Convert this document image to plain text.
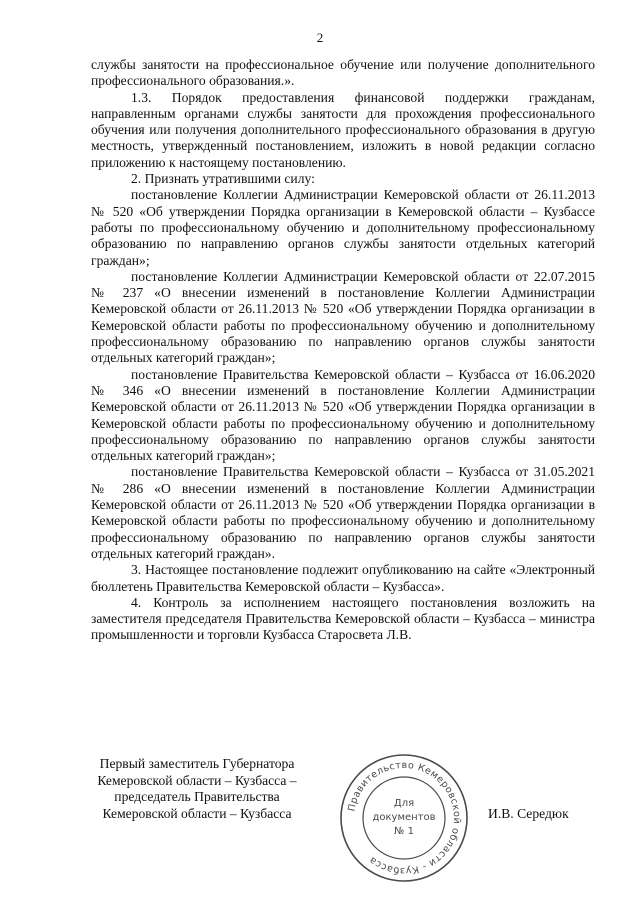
2

службы занятости на профессиональное обучение или получение дополнительного профессионального образования.».

1.3. Порядок предоставления финансовой поддержки гражданам, направленным органами службы занятости для прохождения профессионального обучения или получения дополнительного профессионального образования в другую местность, утвержденный постановлением, изложить в новой редакции согласно приложению к настоящему постановлению.

2. Признать утратившими силу:

постановление Коллегии Администрации Кемеровской области от 26.11.2013 № 520 «Об утверждении Порядка организации в Кемеровской области – Кузбассе работы по профессиональному обучению и дополнительному профессиональному образованию по направлению органов службы занятости отдельных категорий граждан»;

постановление Коллегии Администрации Кемеровской области от 22.07.2015 № 237 «О внесении изменений в постановление Коллегии Администрации Кемеровской области от 26.11.2013 № 520 «Об утверждении Порядка организации в Кемеровской области работы по профессиональному обучению и дополнительному профессиональному образованию по направлению органов службы занятости отдельных категорий граждан»;

постановление Правительства Кемеровской области – Кузбасса от 16.06.2020 № 346 «О внесении изменений в постановление Коллегии Администрации Кемеровской области от 26.11.2013 № 520 «Об утверждении Порядка организации в Кемеровской области работы по профессиональному обучению и дополнительному профессиональному образованию по направлению органов службы занятости отдельных категорий граждан»;

постановление Правительства Кемеровской области – Кузбасса от 31.05.2021 № 286 «О внесении изменений в постановление Коллегии Администрации Кемеровской области от 26.11.2013 № 520 «Об утверждении Порядка организации в Кемеровской области работы по профессиональному обучению и дополнительному профессиональному образованию по направлению органов службы занятости отдельных категорий граждан».

3. Настоящее постановление подлежит опубликованию на сайте «Электронный бюллетень Правительства Кемеровской области – Кузбасса».

4. Контроль за исполнением настоящего постановления возложить на заместителя председателя Правительства Кемеровской области – Кузбасса – министра промышленности и торговли Кузбасса Старосвета Л.В.

Первый заместитель Губернатора
Кемеровской области – Кузбасса –
председатель Правительства
Кемеровской области – Кузбасса	Правительство Кемеровской области - Кузбасса
Для
документов
№ 1
И.В. Середюк
